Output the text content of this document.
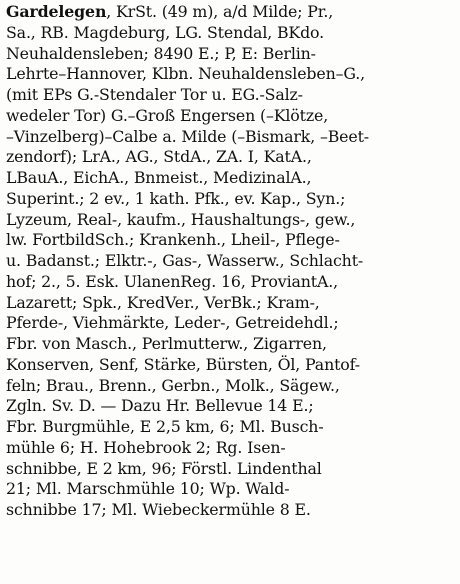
Gardelegen, KrSt. (49 m), a/d Milde; Pr.,
Sa., RB. Magdeburg, LG. Stendal, BKdo.
Neuhaldensleben; 8490 E.; P, E: Berlin-
Lehrte–Hannover, Klbn. Neuhaldensleben–G.,
(mit EPs G.-Stendaler Tor u. EG.-Salz-
wedeler Tor) G.–Groß Engersen (–Klötze,
–Vinzelberg)–Calbe a. Milde (–Bismark, –Beet-
zendorf); LrA., AG., StdA., ZA. I, KatA.,
LBauA., EichA., Bnmeist., MedizinalA.,
Superint.; 2 ev., 1 kath. Pfk., ev. Kap., Syn.;
Lyzeum, Real-, kaufm., Haushaltungs-, gew.,
lw. FortbildSch.; Krankenh., Lheil-, Pflege-
u. Badanst.; Elktr.-, Gas-, Wasserw., Schlacht-
hof; 2., 5. Esk. UlanenReg. 16, ProviantA.,
Lazarett; Spk., KredVer., VerBk.; Kram-,
Pferde-, Viehmärkte, Leder-, Getreidehdl.;
Fbr. von Masch., Perlmutterw., Zigarren,
Konserven, Senf, Stärke, Bürsten, Öl, Pantof-
feln; Brau., Brenn., Gerbn., Molk., Sägew.,
Zgln. Sv. D. — Dazu Hr. Bellevue 14 E.;
Fbr. Burgmühle, E 2,5 km, 6; Ml. Busch-
mühle 6; H. Hohebrook 2; Rg. Isen-
schnibbe, E 2 km, 96; Förstl. Lindenthal
21; Ml. Marschmühle 10; Wp. Wald-
schnibbe 17; Ml. Wiebeckermühle 8 E.
